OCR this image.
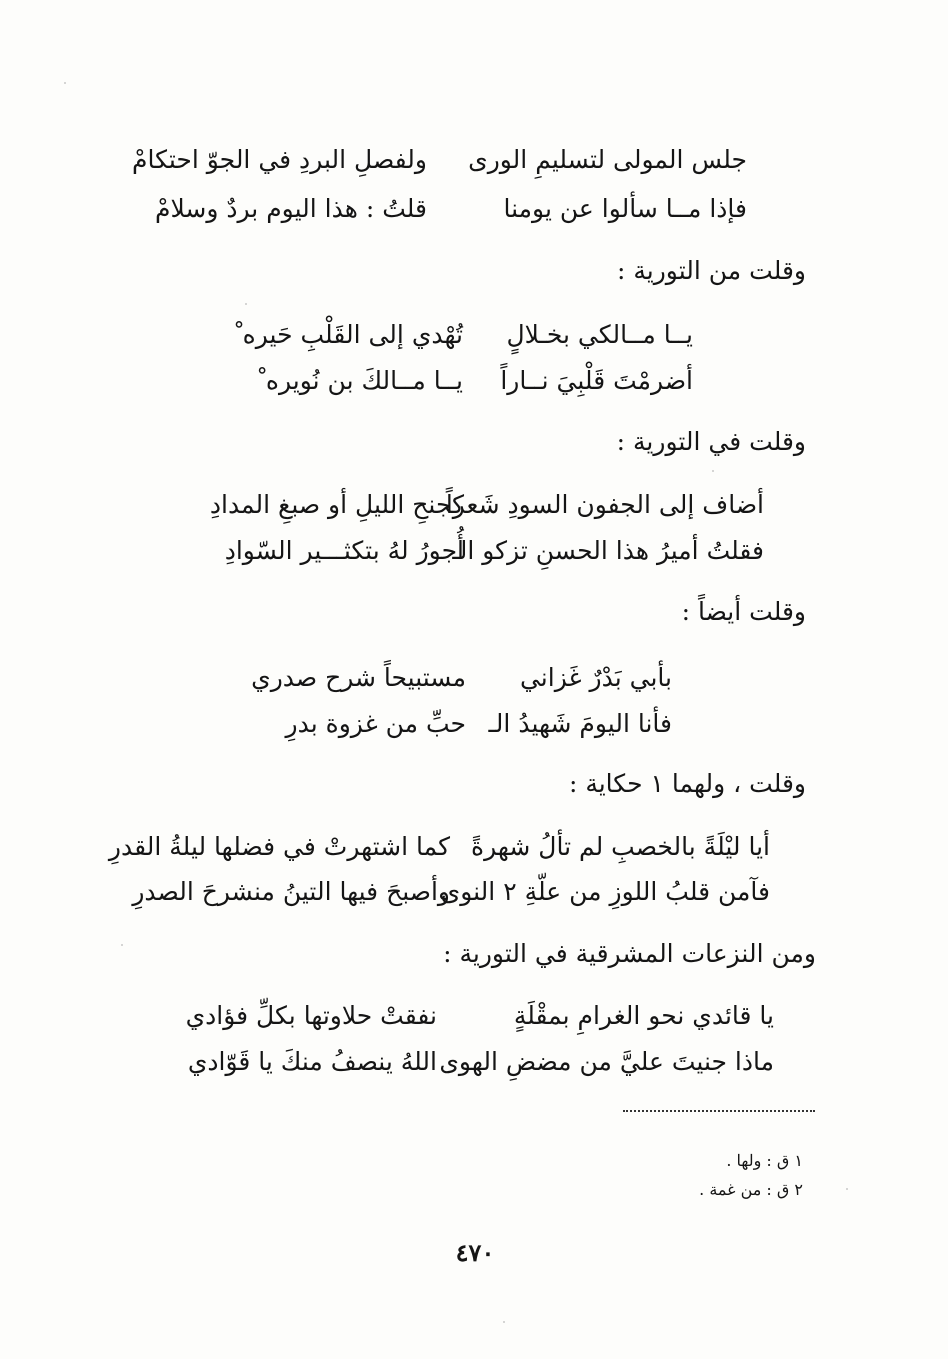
جلس المولى لتسليمِ الورى
ولفصلِ البردِ في الجوّ احتكامْ
فإذا مــا سألوا عن يومنا
قلتُ : هذا اليوم بردٌ وسلامْ
وقلت من التورية :
يــا مــالكي بخـلالٍ
تُهْدي إلى القَلْبِ حَيره ْ
أضرمْتَ قَلْبِيَ نــاراً
يــا مــالكَ بن نُويره ْ
وقلت في التورية :
أضاف إلى الجفون السودِ شَعراً
كجنحِ الليلِ أو صبغِ المدادِ
فقلتُ أميرُ هذا الحسنِ تزكو الـ
أُجورُ لهُ بتكثـــير السّوادِ
وقلت أيضاً :
بأبي بَدْرٌ غَزاني
مستبيحاً شرح صدري
فأنا اليومَ شَهيدُ الـ
حبِّ من غزوة بدرِ
وقلت ، ولهما ١ حكاية :
أيا ليْلَةً بالخصبِ لم تألُ شهرةً
كما اشتهرتْ في فضلها ليلةُ القدرِ
فآمن قلبُ اللوزِ من علّةِ ٢ النوى
وأصبحَ فيها التينُ منشرحَ الصدرِ
ومن النزعات المشرقية في التورية :
يا قائدي نحو الغرامِ بمقْلَةٍ
نفقتْ حلاوتها بكلِّ فؤادي
ماذا جنيتَ عليَّ من مضضِ الهوى
اللهُ ينصفُ منكَ يا قَوّادي
١ ق : ولها .
٢ ق : من غمة .
٤٧٠
